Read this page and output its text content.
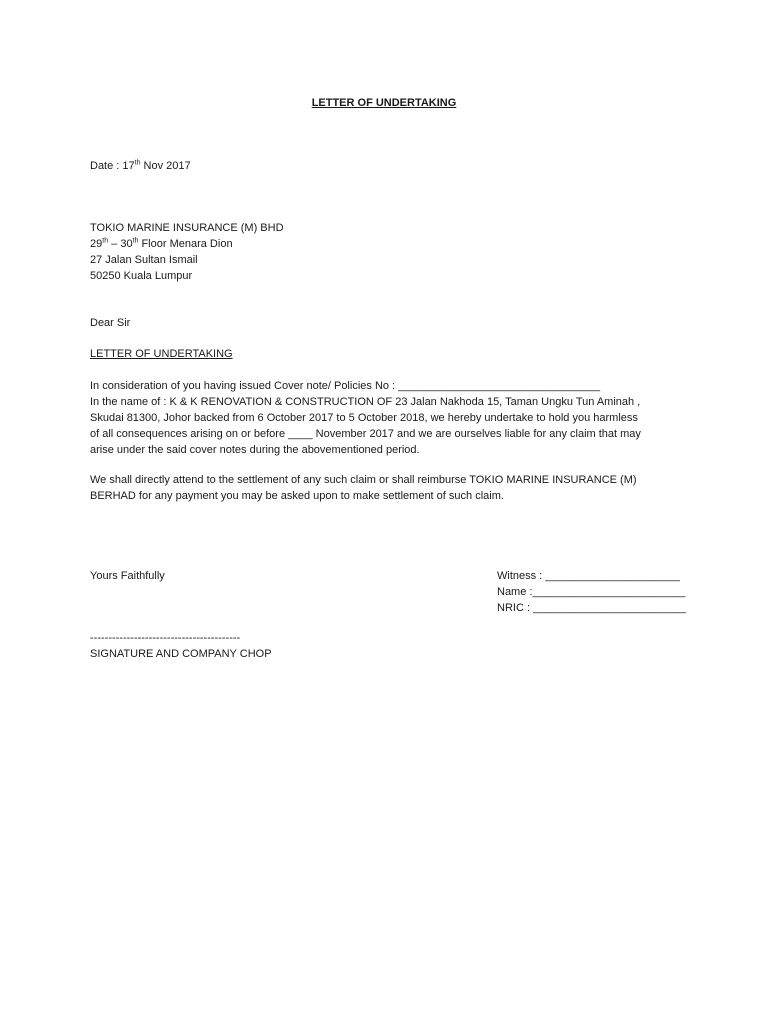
LETTER OF UNDERTAKING
Date : 17th Nov 2017
TOKIO MARINE INSURANCE (M) BHD
29th – 30th Floor Menara Dion
27 Jalan Sultan Ismail
50250 Kuala Lumpur
Dear Sir
LETTER OF UNDERTAKING

In consideration of you having issued Cover note/ Policies No : _________________________________

In the name of : K & K RENOVATION & CONSTRUCTION OF 23 Jalan Nakhoda 15, Taman Ungku Tun Aminah ,

Skudai 81300, Johor backed from 6 October 2017 to 5 October 2018, we hereby undertake to hold you harmless

of all consequences arising on or before ____ November 2017 and we are ourselves liable for any claim that may

arise under the said cover notes during the abovementioned period.

We shall directly attend to the settlement of any such claim or shall reimburse TOKIO MARINE INSURANCE (M)

BERHAD for any payment you may be asked upon to make settlement of such claim.

Yours Faithfully	Witness : ______________________
Name :_________________________
NRIC : _________________________
-----------------------------------------
SIGNATURE AND COMPANY CHOP
